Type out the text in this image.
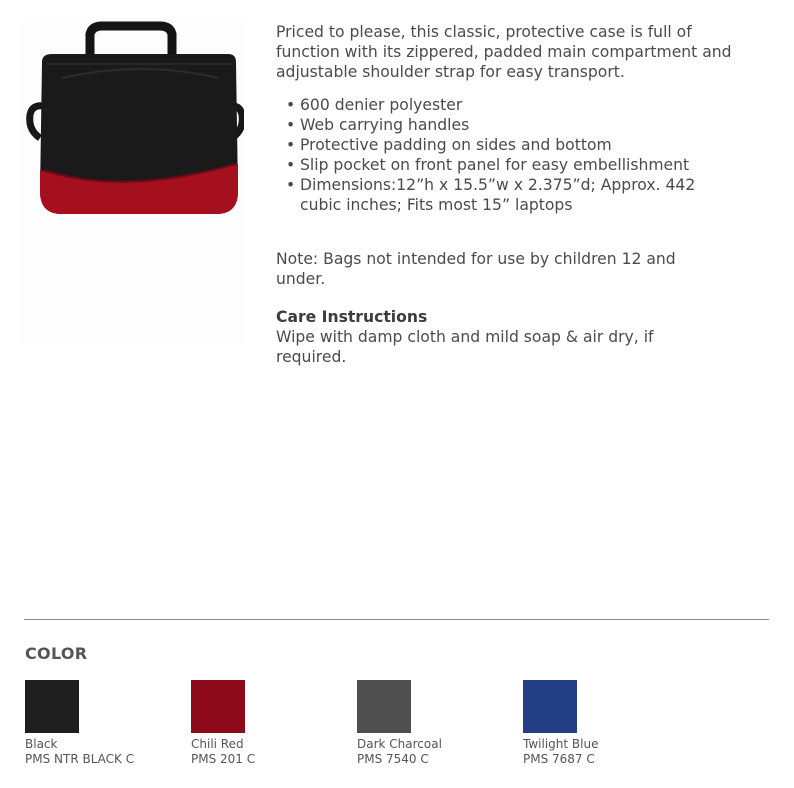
Priced to please, this classic, protective case is full of function with its zippered, padded main compartment and adjustable shoulder strap for easy transport.

• 600 denier polyester
• Web carrying handles
• Protective padding on sides and bottom
• Slip pocket on front panel for easy embellishment
• Dimensions:12”h x 15.5”w x 2.375”d; Approx. 442 cubic inches; Fits most 15” laptops

Note: Bags not intended for use by children 12 and under.

Care Instructions

Wipe with damp cloth and mild soap & air dry, if required.

COLOR
Black
PMS NTR BLACK C
Chili Red
PMS 201 C
Dark Charcoal
PMS 7540 C
Twilight Blue
PMS 7687 C
